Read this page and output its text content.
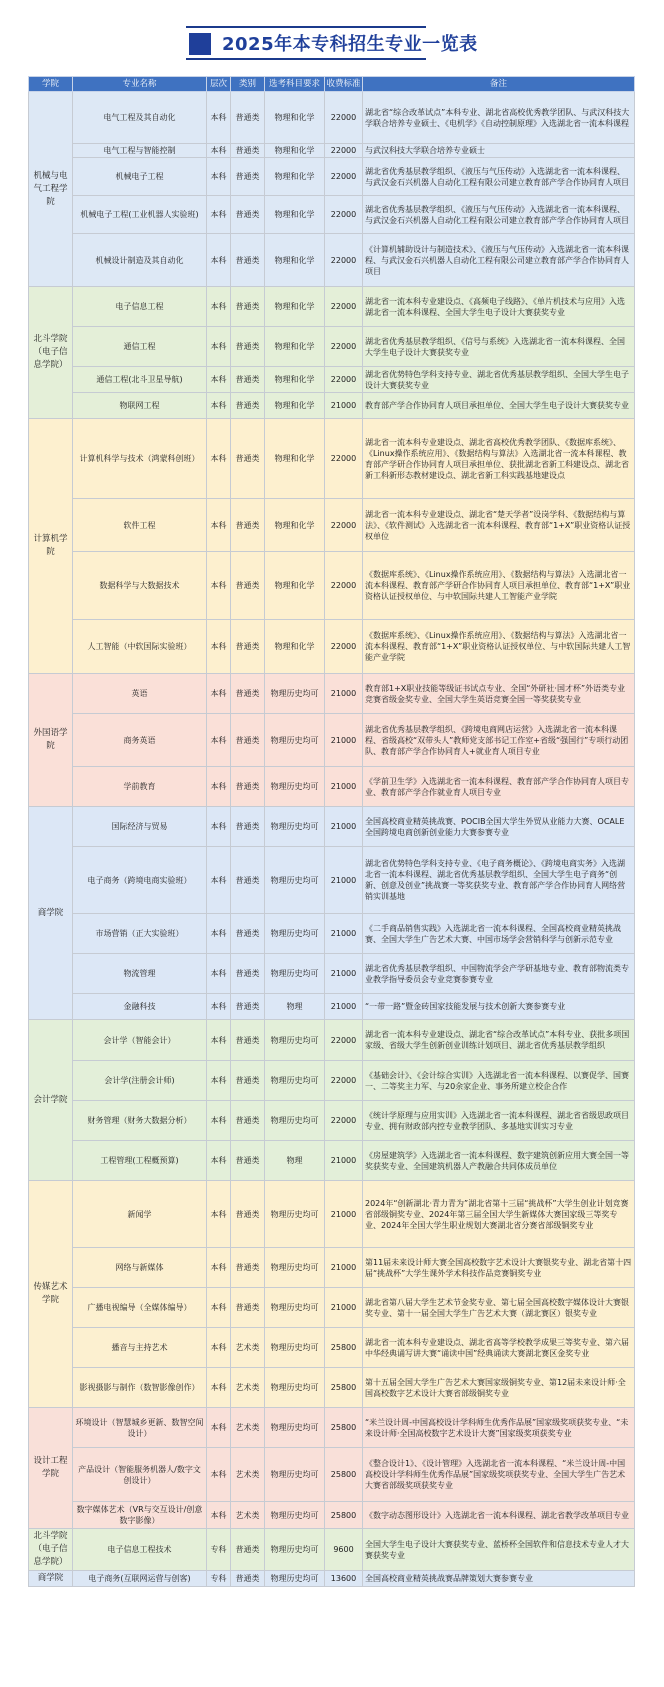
2025年本专科招生专业一览表
学院	专业名称	层次	类别	选考科目要求	收费标准	备注
机械与电气工程学院	电气工程及其自动化	本科	普通类	物理和化学	22000	湖北省“综合改革试点”本科专业、湖北省高校优秀教学团队、与武汉科技大学联合培养专业硕士、《电机学》《自动控制原理》入选湖北省一流本科课程
	电气工程与智能控制	本科	普通类	物理和化学	22000	与武汉科技大学联合培养专业硕士
	机械电子工程	本科	普通类	物理和化学	22000	湖北省优秀基层教学组织、《液压与气压传动》入选湖北省一流本科课程、与武汉金石兴机器人自动化工程有限公司建立教育部产学合作协同育人项目
	机械电子工程(工业机器人实验班)	本科	普通类	物理和化学	22000	湖北省优秀基层教学组织、《液压与气压传动》入选湖北省一流本科课程、与武汉金石兴机器人自动化工程有限公司建立教育部产学合作协同育人项目
	机械设计制造及其自动化	本科	普通类	物理和化学	22000	《计算机辅助设计与制造技术》、《液压与气压传动》入选湖北省一流本科课程、与武汉金石兴机器人自动化工程有限公司建立教育部产学合作协同育人项目
北斗学院（电子信息学院）	电子信息工程	本科	普通类	物理和化学	22000	湖北省一流本科专业建设点、《高频电子线路》、《单片机技术与应用》入选湖北省一流本科课程、全国大学生电子设计大赛获奖专业
	通信工程	本科	普通类	物理和化学	22000	湖北省优秀基层教学组织、《信号与系统》入选湖北省一流本科课程、全国大学生电子设计大赛获奖专业
	通信工程(北斗卫星导航)	本科	普通类	物理和化学	22000	湖北省优势特色学科支持专业、湖北省优秀基层教学组织、全国大学生电子设计大赛获奖专业
	物联网工程	本科	普通类	物理和化学	21000	教育部产学合作协同育人项目承担单位、全国大学生电子设计大赛获奖专业
计算机学院	计算机科学与技术（鸿蒙科创班）	本科	普通类	物理和化学	22000	湖北省一流本科专业建设点、湖北省高校优秀教学团队、《数据库系统》、《Linux操作系统应用》、《数据结构与算法》入选湖北省一流本科课程、教育部产学研合作协同育人项目承担单位、获批湖北省新工科建设点、湖北省新工科新形态教材建设点、湖北省新工科实践基地建设点
	软件工程	本科	普通类	物理和化学	22000	湖北省一流本科专业建设点、湖北省“楚天学者”设岗学科、《数据结构与算法》、《软件测试》入选湖北省一流本科课程、教育部“1+X”职业资格认证授权单位
	数据科学与大数据技术	本科	普通类	物理和化学	22000	《数据库系统》、《Linux操作系统应用》、《数据结构与算法》入选湖北省一流本科课程、教育部产学研合作协同育人项目承担单位、教育部“1+X”职业资格认证授权单位、与中软国际共建人工智能产业学院
	人工智能（中软国际实验班）	本科	普通类	物理和化学	22000	《数据库系统》、《Linux操作系统应用》、《数据结构与算法》入选湖北省一流本科课程、教育部“1+X”职业资格认证授权单位、与中软国际共建人工智能产业学院
外国语学院	英语	本科	普通类	物理历史均可	21000	教育部1+X职业技能等级证书试点专业、全国“外研社·国才杯”外语类专业竞赛省级金奖专业、全国大学生英语竞赛全国一等奖获奖专业
	商务英语	本科	普通类	物理历史均可	21000	湖北省优秀基层教学组织、《跨境电商网店运营》入选湖北省一流本科课程、省级高校“双带头人”教师党支部书记工作室+省级“强国行”专项行动团队、教育部产学合作协同育人+就业育人项目专业
	学前教育	本科	普通类	物理历史均可	21000	《学前卫生学》入选湖北省一流本科课程、教育部产学合作协同育人项目专业、教育部产学合作就业育人项目专业
商学院	国际经济与贸易	本科	普通类	物理历史均可	21000	全国高校商业精英挑战赛、POCIB全国大学生外贸从业能力大赛、OCALE全国跨境电商创新创业能力大赛参赛专业
	电子商务（跨境电商实验班）	本科	普通类	物理历史均可	21000	湖北省优势特色学科支持专业、《电子商务概论》、《跨境电商实务》入选湖北省一流本科课程、湖北省优秀基层教学组织、全国大学生电子商务“创新、创意及创业”挑战赛一等奖获奖专业、教育部产学合作协同育人网络营销实训基地
	市场营销（正大实验班）	本科	普通类	物理历史均可	21000	《二手商品销售实践》入选湖北省一流本科课程、全国高校商业精英挑战赛、全国大学生广告艺术大赛、中国市场学会营销科学与创新示范专业
	物流管理	本科	普通类	物理历史均可	21000	湖北省优秀基层教学组织、中国物流学会产学研基地专业、教育部物流类专业教学指导委员会专业竞赛参赛专业
	金融科技	本科	普通类	物理	21000	“一带一路”暨金砖国家技能发展与技术创新大赛参赛专业
会计学院	会计学（智能会计）	本科	普通类	物理历史均可	22000	湖北省一流本科专业建设点、湖北省“综合改革试点”本科专业、获批多项国家级、省级大学生创新创业训练计划项目、湖北省优秀基层教学组织
	会计学(注册会计师)	本科	普通类	物理历史均可	22000	《基础会计》、《会计综合实训》入选湖北省一流本科课程、以赛促学、国赛一、二等奖主力军、与20余家企业、事务所建立校企合作
	财务管理（财务大数据分析）	本科	普通类	物理历史均可	22000	《统计学原理与应用实训》入选湖北省一流本科课程、湖北省省级思政项目专业、拥有财政部内控专业教学团队、多基地实训实习专业
	工程管理(工程概预算)	本科	普通类	物理	21000	《房屋建筑学》入选湖北省一流本科课程、数字建筑创新应用大赛全国一等奖获奖专业、全国建筑机器人产教融合共同体成员单位
传媒艺术学院	新闻学	本科	普通类	物理历史均可	21000	2024年“创新湖北·青力青为”湖北省第十三届“挑战杯”大学生创业计划竞赛省部级铜奖专业、2024年第三届全国大学生新媒体大赛国家级三等奖专业、2024年全国大学生职业规划大赛湖北省分赛省部级铜奖专业
	网络与新媒体	本科	普通类	物理历史均可	21000	第11届未来设计师大赛全国高校数字艺术设计大赛银奖专业、湖北省第十四届“挑战杯”大学生课外学术科技作品竞赛铜奖专业
	广播电视编导（全媒体编导）	本科	普通类	物理历史均可	21000	湖北省第八届大学生艺术节金奖专业、第七届全国高校数字媒体设计大赛银奖专业、第十一届全国大学生广告艺术大赛（湖北赛区）银奖专业
	播音与主持艺术	本科	艺术类	物理历史均可	25800	湖北省一流本科专业建设点、湖北省高等学校教学成果三等奖专业、第六届中华经典诵写讲大赛“诵读中国”经典诵读大赛湖北赛区金奖专业
	影视摄影与制作（数智影像创作）	本科	艺术类	物理历史均可	25800	第十五届全国大学生广告艺术大赛国家级铜奖专业、第12届未来设计师·全国高校数字艺术设计大赛省部级铜奖专业
设计工程学院	环境设计（智慧城乡更新、数智空间设计）	本科	艺术类	物理历史均可	25800	“米兰设计周-中国高校设计学科师生优秀作品展”国家级奖项获奖专业、“未来设计师·全国高校数字艺术设计大赛”国家级奖项获奖专业
	产品设计（智能服务机器人/数字文创设计）	本科	艺术类	物理历史均可	25800	《整合设计1》、《设计管理》入选湖北省一流本科课程、“米兰设计周-中国高校设计学科师生优秀作品展”国家级奖项获奖专业、全国大学生广告艺术大赛省部级奖项获奖专业
	数字媒体艺术（VR与交互设计/创意数字影像）	本科	艺术类	物理历史均可	25800	《数字动态图形设计》入选湖北省一流本科课程、湖北省教学改革项目专业
北斗学院（电子信息学院）	电子信息工程技术	专科	普通类	物理历史均可	9600	全国大学生电子设计大赛获奖专业、蓝桥杯全国软件和信息技术专业人才大赛获奖专业
商学院	电子商务(互联网运营与创客)	专科	普通类	物理历史均可	13600	全国高校商业精英挑战赛品牌策划大赛参赛专业
